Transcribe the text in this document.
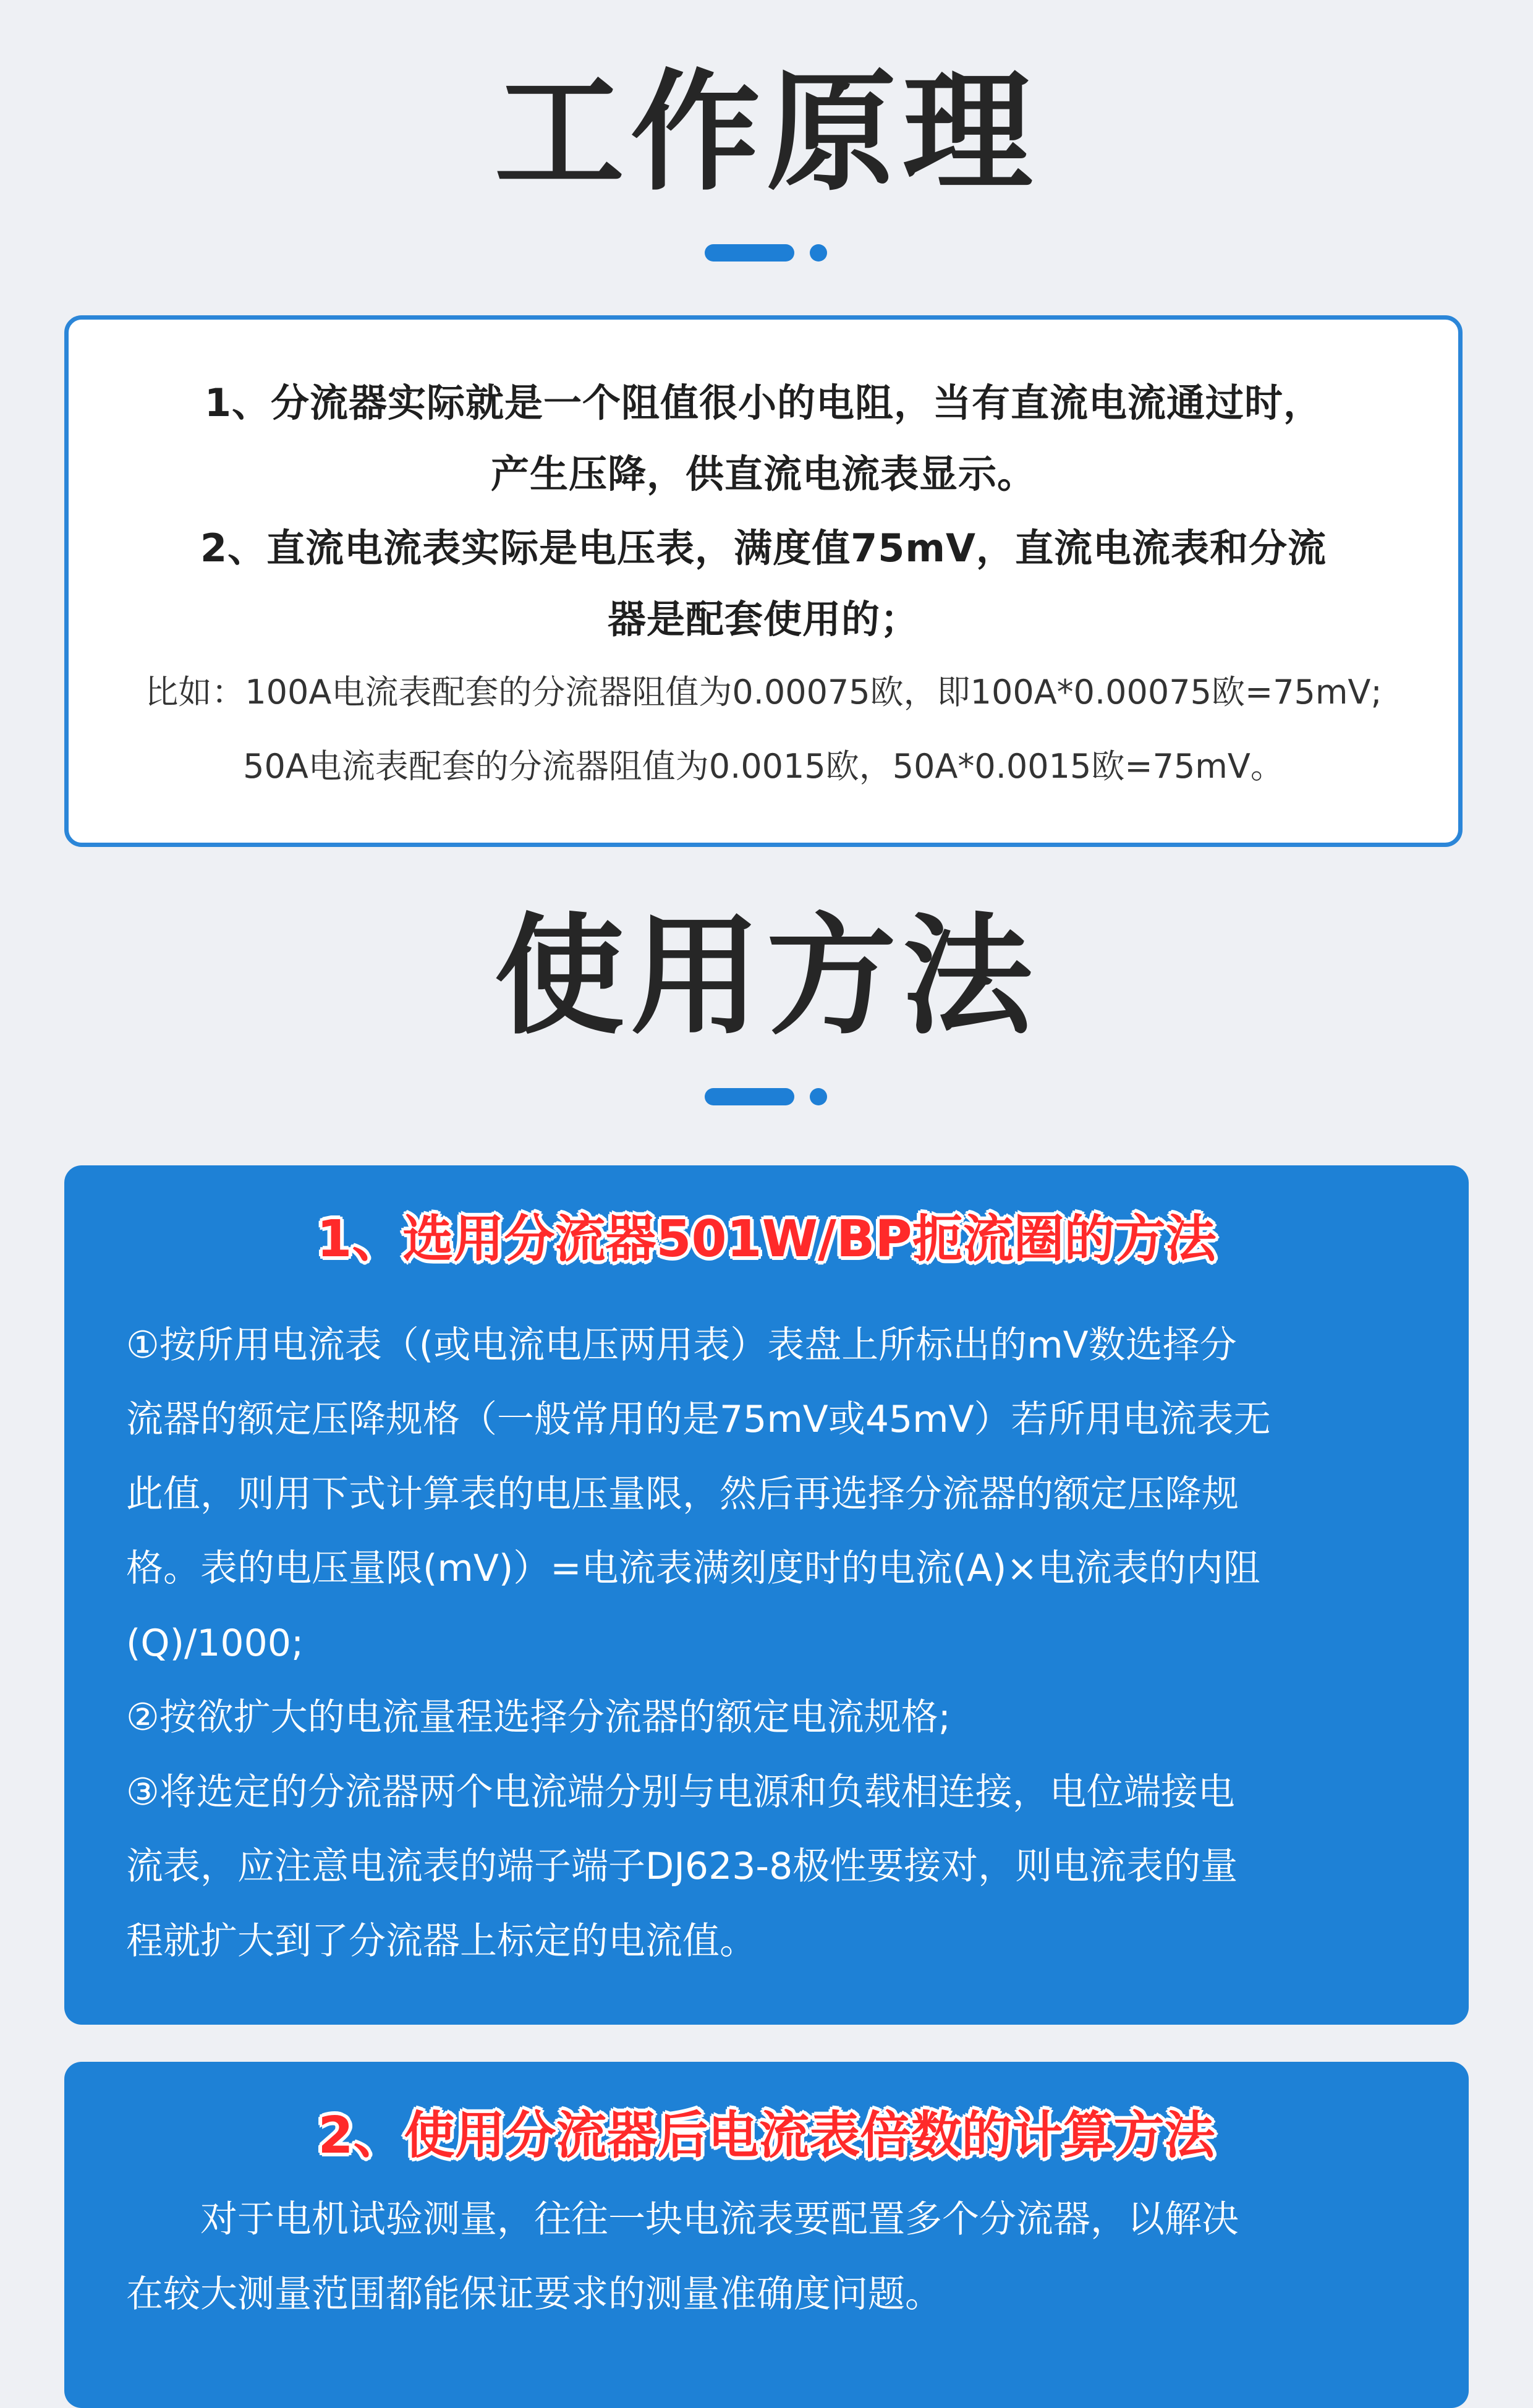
工作原理
1、分流器实际就是一个阻值很小的电阻，当有直流电流通过时，
产生压降，供直流电流表显示。
2、直流电流表实际是电压表，满度值75mV，直流电流表和分流
器是配套使用的；
比如：100A电流表配套的分流器阻值为0.00075欧，即100A*0.00075欧=75mV;
50A电流表配套的分流器阻值为0.0015欧，50A*0.0015欧=75mV。
使用方法
1、选用分流器501W/BP扼流圈的方法
①按所用电流表（(或电流电压两用表）表盘上所标出的mV数选择分
流器的额定压降规格（一般常用的是75mV或45mV）若所用电流表无
此值，则用下式计算表的电压量限，然后再选择分流器的额定压降规
格。表的电压量限(mV)）=电流表满刻度时的电流(A)×电流表的内阻
(Q)/1000;
②按欲扩大的电流量程选择分流器的额定电流规格;
③将选定的分流器两个电流端分别与电源和负载相连接，电位端接电
流表，应注意电流表的端子端子DJ623-8极性要接对，则电流表的量
程就扩大到了分流器上标定的电流值。
2、使用分流器后电流表倍数的计算方法
对于电机试验测量，往往一块电流表要配置多个分流器，以解决
在较大测量范围都能保证要求的测量准确度问题。
